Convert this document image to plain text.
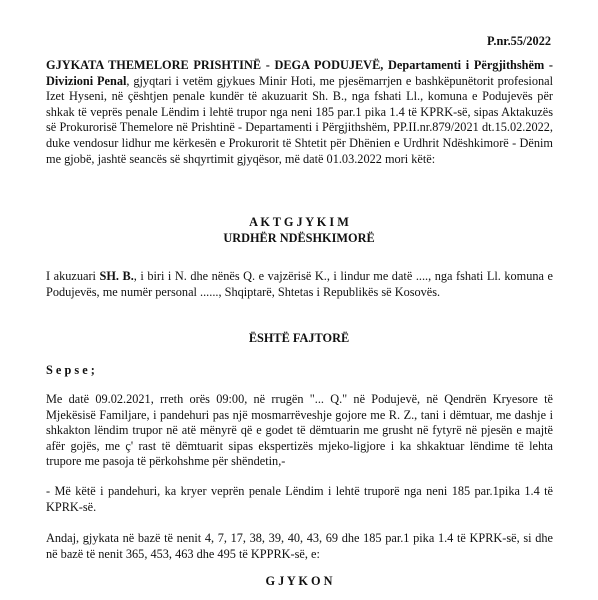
P.nr.55/2022
GJYKATA THEMELORE PRISHTINË - DEGA PODUJEVË, Departamenti i Përgjithshëm - Divizioni Penal, gjyqtari i vetëm gjykues Minir Hoti, me pjesëmarrjen e bashkëpunëtorit profesional Izet Hyseni, në çështjen penale kundër të akuzuarit Sh. B., nga fshati Ll., komuna e Podujevës për shkak të veprës penale Lëndim i lehtë trupor nga neni 185 par.1 pika 1.4 të KPRK-së, sipas Aktakuzës së Prokurorisë Themelore në Prishtinë - Departamenti i Përgjithshëm, PP.II.nr.879/2021 dt.15.02.2022, duke vendosur lidhur me kërkesën e Prokurorit të Shtetit për Dhënien e Urdhrit Ndëshkimorë - Dënim me gjobë, jashtë seancës së shqyrtimit gjyqësor, më datë 01.03.2022 mori këtë:
A K T G J Y K I M
URDHËR NDËSHKIMORË
I akuzuari SH. B., i biri i N. dhe nënës Q. e vajzërisë K., i lindur me datë ...., nga fshati Ll. komuna e Podujevës, me numër personal ......, Shqiptarë, Shtetas i Republikës së Kosovës.
ËSHTË FAJTORË
S e p s e ;
Me datë 09.02.2021, rreth orës 09:00, në rrugën "... Q." në Podujevë, në Qendrën Kryesore të Mjekësisë Familjare, i pandehuri pas një mosmarrëveshje gojore me R. Z., tani i dëmtuar, me dashje i shkakton lëndim trupor në atë mënyrë që e godet të dëmtuarin me grusht në fytyrë në pjesën e majtë afër gojës, me ç' rast të dëmtuarit sipas ekspertizës mjeko-ligjore i ka shkaktuar lëndime të lehta trupore me pasoja të përkohshme për shëndetin,-
- Më këtë i pandehuri, ka kryer veprën penale Lëndim i lehtë truporë nga neni 185 par.1pika 1.4 të KPRK-së.
Andaj, gjykata në bazë të nenit 4, 7, 17, 38, 39, 40, 43, 69 dhe 185 par.1 pika 1.4 të KPRK-së, si dhe në bazë të nenit 365, 453, 463 dhe 495 të KPPRK-së, e:
G J Y K O N
